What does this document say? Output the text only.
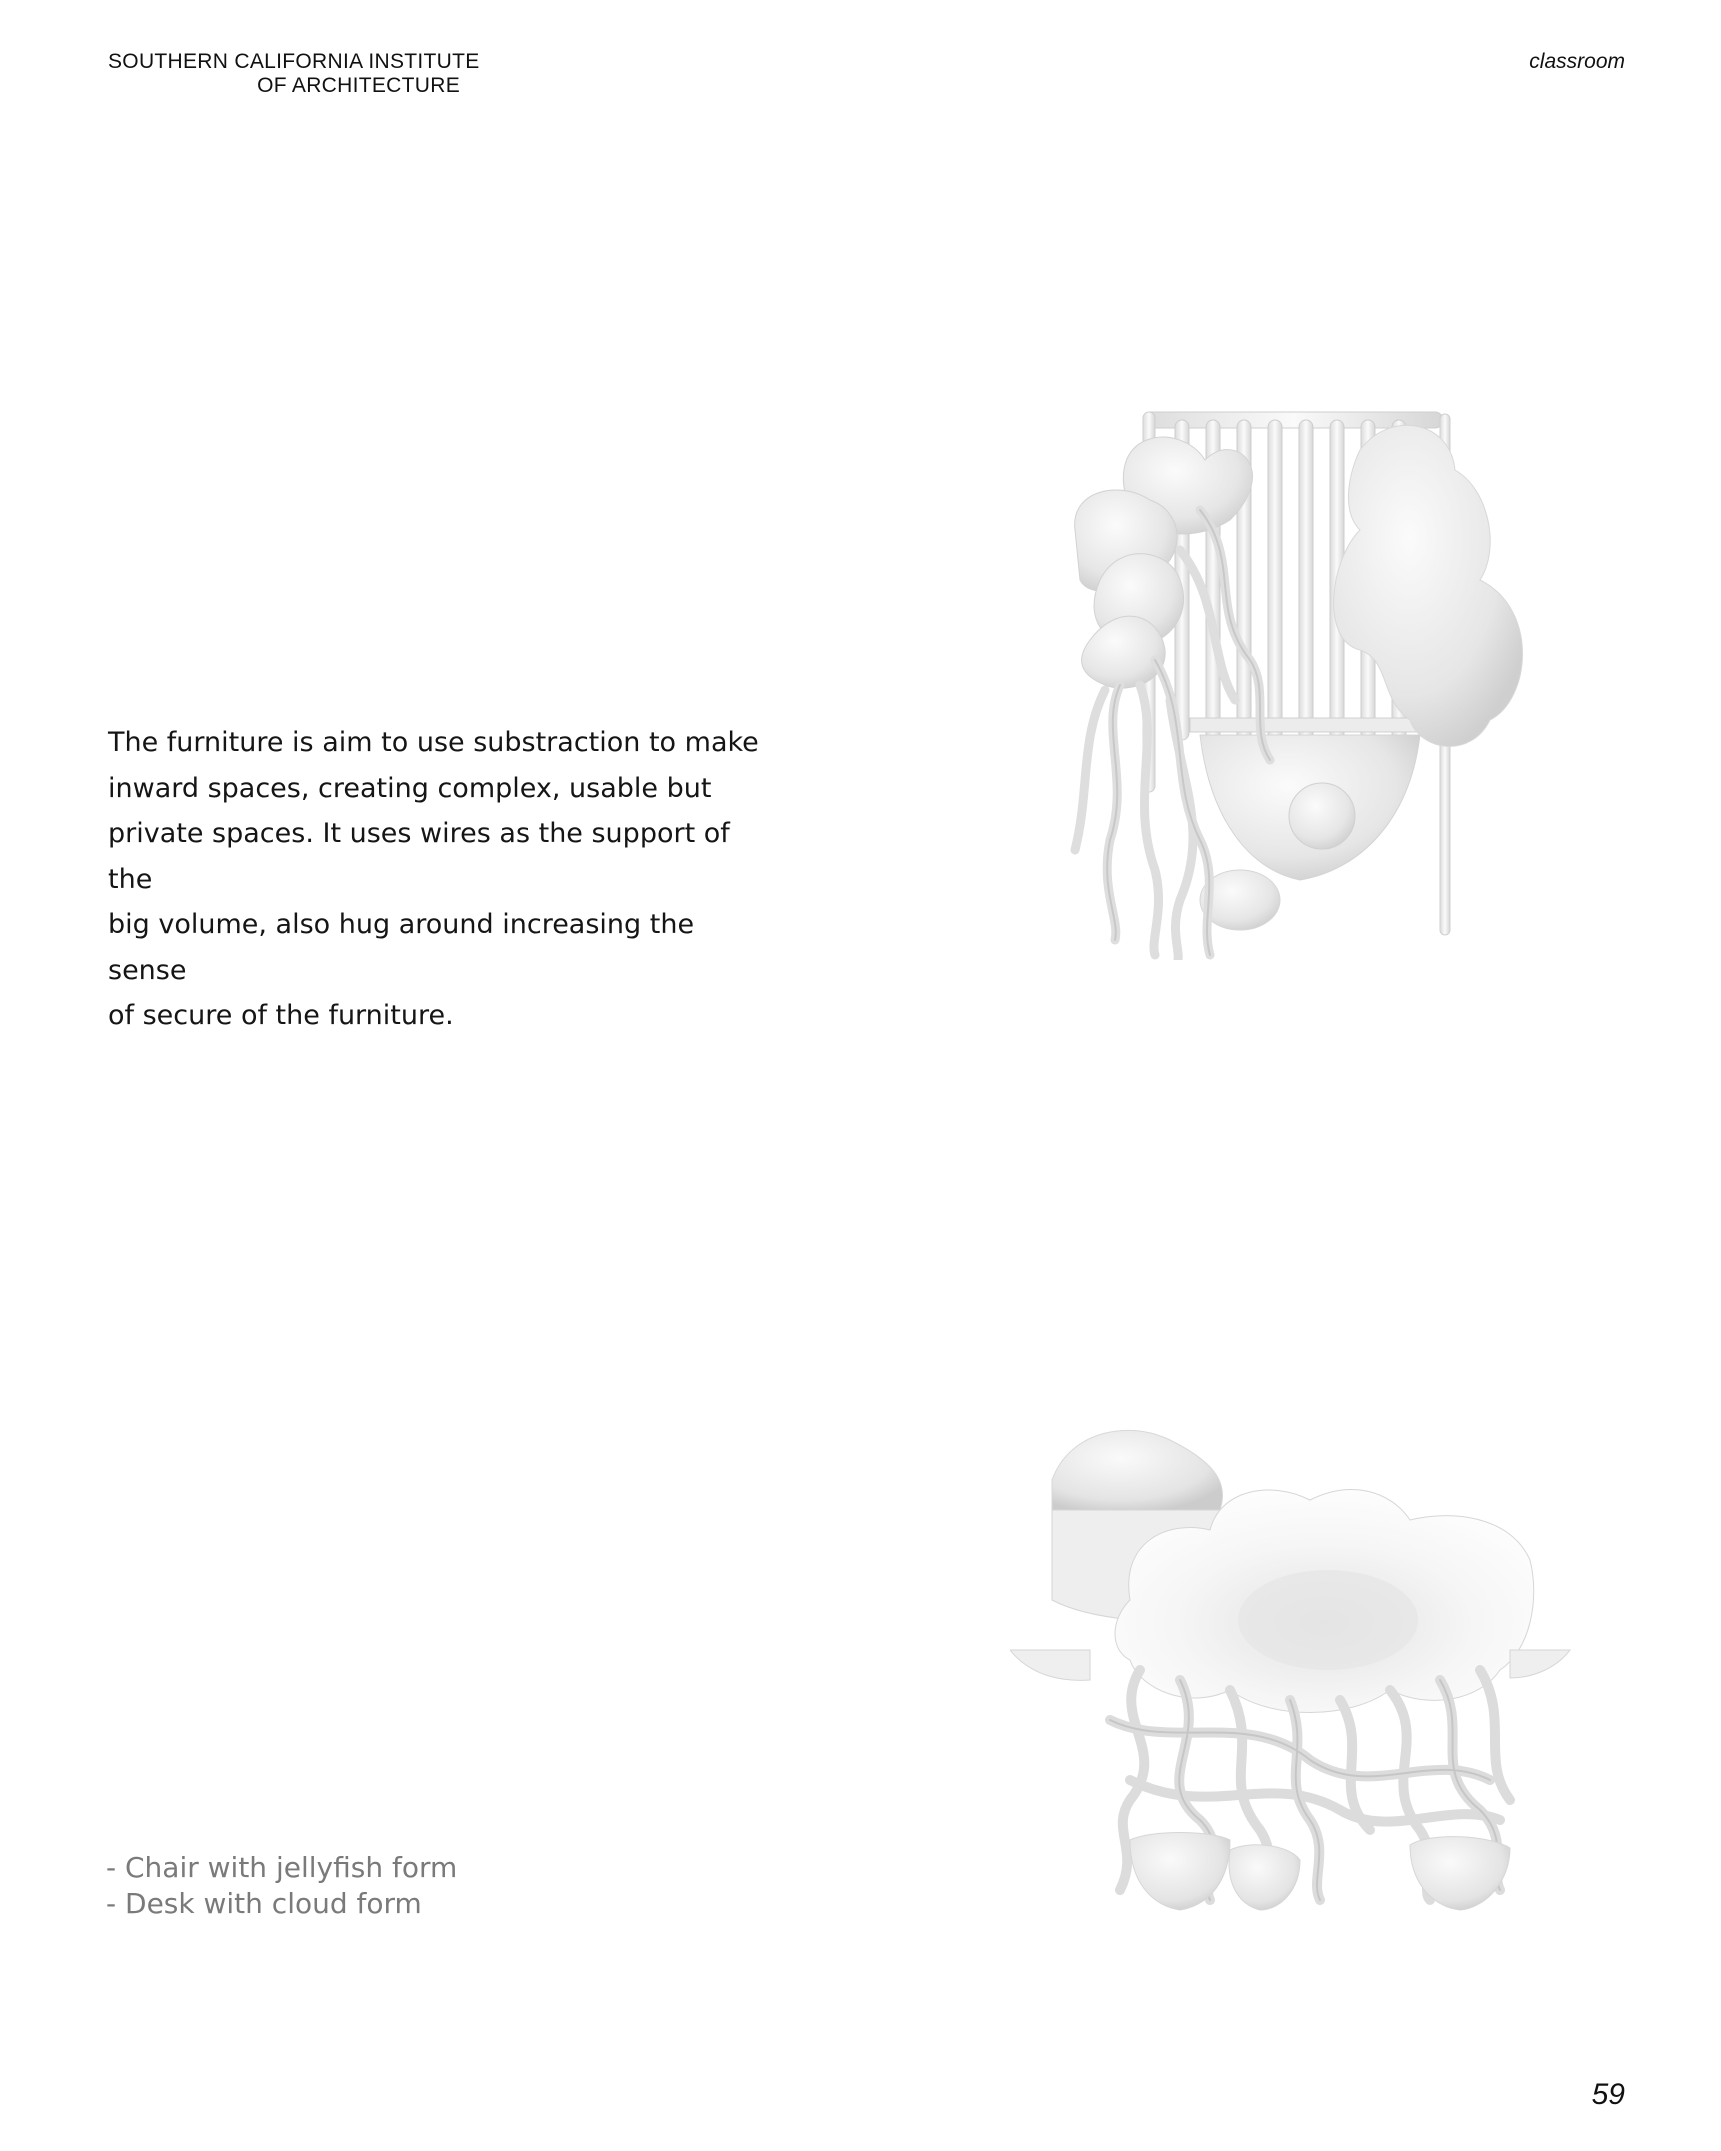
SOUTHERN CALIFORNIA INSTITUTE
OF ARCHITECTURE
classroom
The furniture is aim to use substraction to make
inward spaces, creating complex, usable but
private spaces. It uses wires as the support of the
big volume, also hug around increasing the sense
of secure of the furniture.
- Chair with jellyfish form
- Desk with cloud form
59
